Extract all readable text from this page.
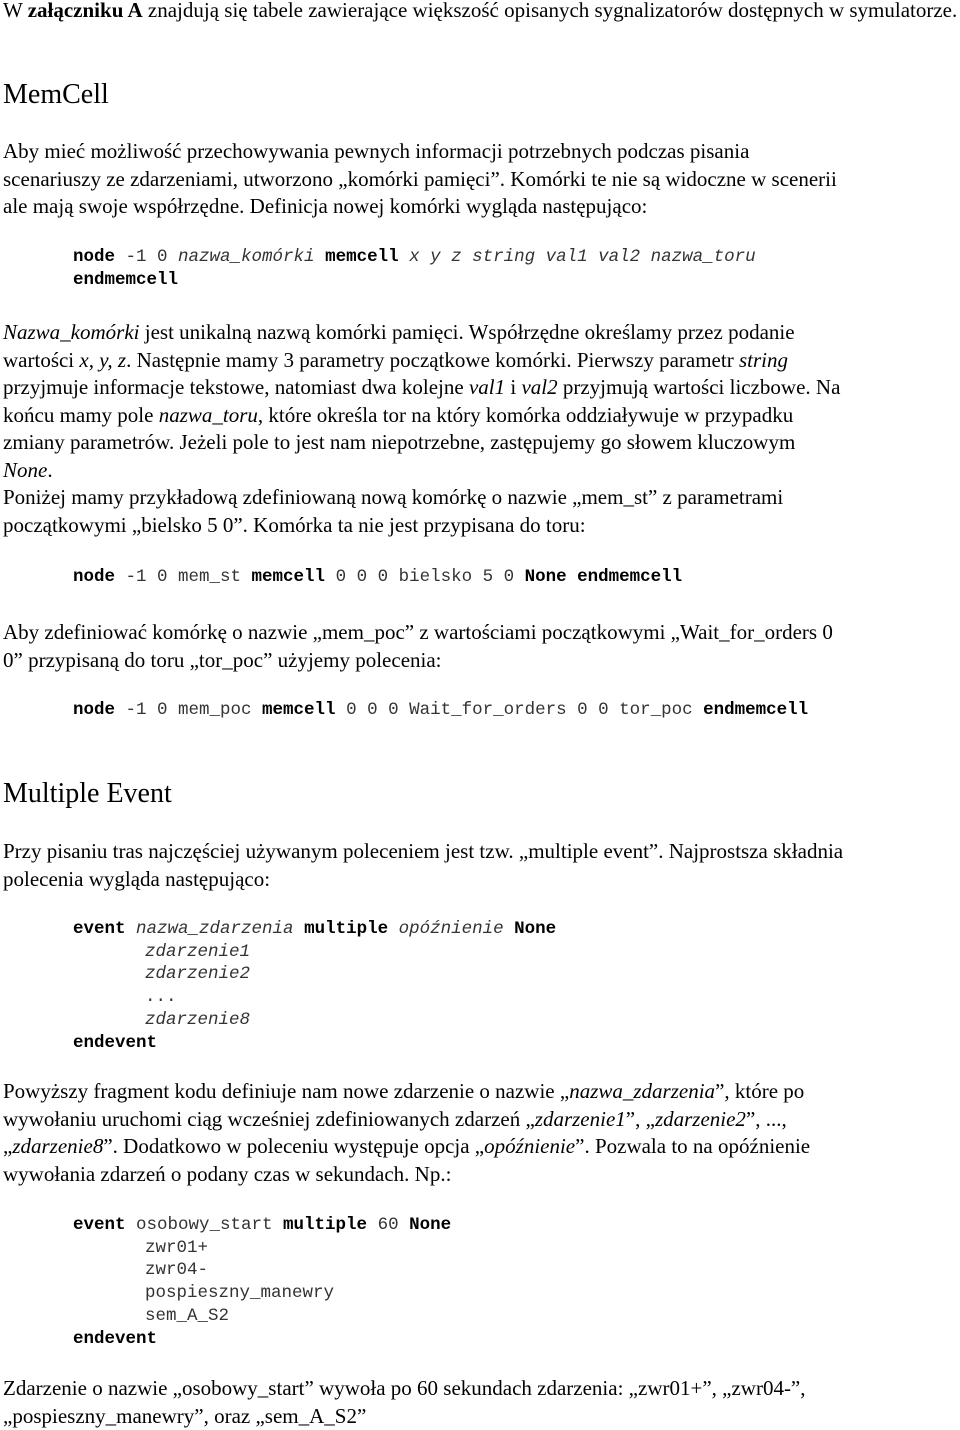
W załączniku A znajdują się tabele zawierające większość opisanych sygnalizatorów dostępnych w symulatorze.
MemCell
Aby mieć możliwość przechowywania pewnych informacji potrzebnych podczas pisania
scenariuszy ze zdarzeniami, utworzono „komórki pamięci”. Komórki te nie są widoczne w scenerii
ale mają swoje współrzędne. Definicja nowej komórki wygląda następująco:
node -1 0 nazwa_komórki memcell x y z string val1 val2 nazwa_toru
endmemcell
Nazwa_komórki jest unikalną nazwą komórki pamięci. Współrzędne określamy przez podanie
wartości x, y, z. Następnie mamy 3 parametry początkowe komórki. Pierwszy parametr string
przyjmuje informacje tekstowe, natomiast dwa kolejne val1 i val2 przyjmują wartości liczbowe. Na
końcu mamy pole nazwa_toru, które określa tor na który komórka oddziaływuje w przypadku
zmiany parametrów. Jeżeli pole to jest nam niepotrzebne, zastępujemy go słowem kluczowym
None.
Poniżej mamy przykładową zdefiniowaną nową komórkę o nazwie „mem_st” z parametrami
początkowymi „bielsko 5 0”. Komórka ta nie jest przypisana do toru:
node -1 0 mem_st memcell 0 0 0 bielsko 5 0 None endmemcell
Aby zdefiniować komórkę o nazwie „mem_poc” z wartościami początkowymi „Wait_for_orders 0
0” przypisaną do toru „tor_poc” użyjemy polecenia:
node -1 0 mem_poc memcell 0 0 0 Wait_for_orders 0 0 tor_poc endmemcell
Multiple Event
Przy pisaniu tras najczęściej używanym poleceniem jest tzw. „multiple event”. Najprostsza składnia
polecenia wygląda następująco:
event nazwa_zdarzenia multiple opóźnienie None
zdarzenie1
zdarzenie2
...
zdarzenie8
endevent
Powyższy fragment kodu definiuje nam nowe zdarzenie o nazwie „nazwa_zdarzenia”, które po
wywołaniu uruchomi ciąg wcześniej zdefiniowanych zdarzeń „zdarzenie1”, „zdarzenie2”, ...,
„zdarzenie8”. Dodatkowo w poleceniu występuje opcja „opóźnienie”. Pozwala to na opóźnienie
wywołania zdarzeń o podany czas w sekundach. Np.:
event osobowy_start multiple 60 None
zwr01+
zwr04-
pospieszny_manewry
sem_A_S2
endevent
Zdarzenie o nazwie „osobowy_start” wywoła po 60 sekundach zdarzenia: „zwr01+”, „zwr04-”,
„pospieszny_manewry”, oraz „sem_A_S2”
